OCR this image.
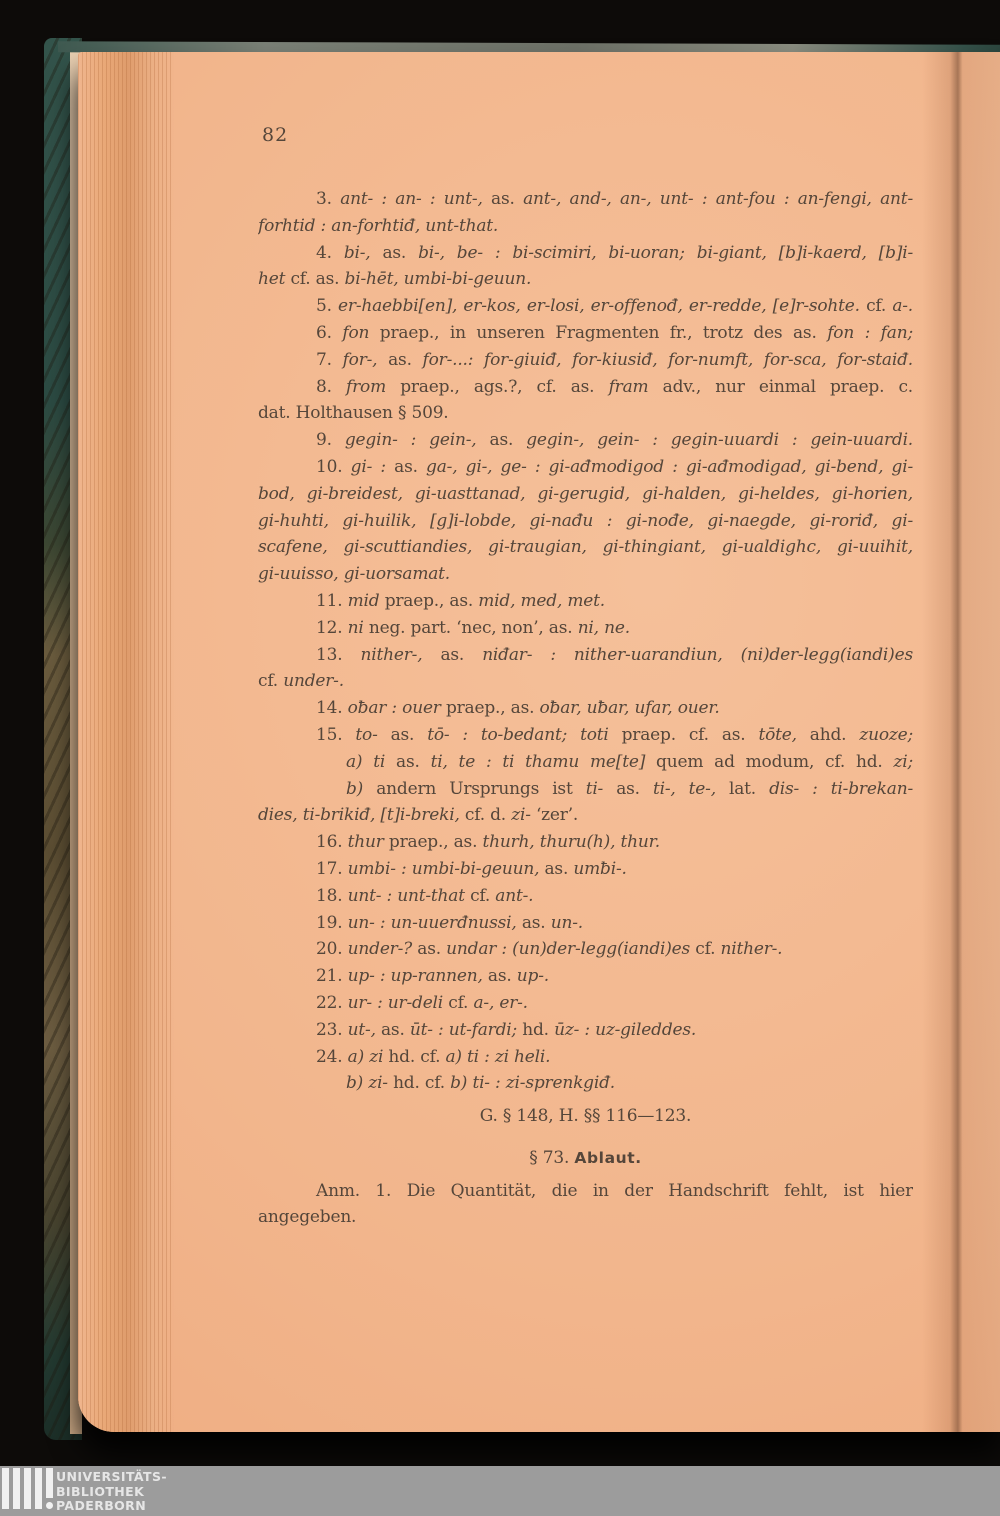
82
3. ant- : an- : unt-, as. ant-, and-, an-, unt- : ant-fou : an-fengi, ant-
forhtid : an-forhtiđ, unt-that.
4. bi-, as. bi-, be- : bi-scimiri, bi-uoran; bi-giant, [b]i-kaerd, [b]i-
het cf. as. bi-hēt, umbi-bi-geuun.
5. er-haebbi[en], er-kos, er-losi, er-offenođ, er-redde, [e]r-sohte. cf. a-.
6. fon praep., in unseren Fragmenten fr., trotz des as. fon : fan;
7. for-, as. for-...: for-giuiđ, for-kiusiđ, for-numft, for-sca, for-staiđ.
8. from praep., ags.?, cf. as. fram adv., nur einmal praep. c.
dat. Holthausen § 509.
9. gegin- : gein-, as. gegin-, gein- : gegin-uuardi : gein-uuardi.
10. gi- : as. ga-, gi-, ge- : gi-ađmodigod : gi-ađmodigad, gi-bend, gi-
bod, gi-breidest, gi-uasttanad, gi-gerugid, gi-halden, gi-heldes, gi-horien,
gi-huhti, gi-huilik, [g]i-lobde, gi-nađu : gi-nođe, gi-naegde, gi-roriđ, gi-
scafene, gi-scuttiandies, gi-traugian, gi-thingiant, gi-ualdighc, gi-uuihit,
gi-uuisso, gi-uorsamat.
11. mid praep., as. mid, med, met.
12. ni neg. part. ‘nec, non’, as. ni, ne.
13. nither-, as. niđar- : nither-uarandiun, (ni)der-legg(iandi)es
cf. under-.
14. oƀar : ouer praep., as. oƀar, uƀar, ufar, ouer.
15. to- as. tō- : to-bedant; toti praep. cf. as. tōte, ahd. zuoze;
a) ti as. ti, te : ti thamu me[te] quem ad modum, cf. hd. zi;
b) andern Ursprungs ist ti- as. ti-, te-, lat. dis- : ti-brekan-
dies, ti-brikiđ, [t]i-breki, cf. d. zi- ‘zer’.
16. thur praep., as. thurh, thuru(h), thur.
17. umbi- : umbi-bi-geuun, as. umƀi-.
18. unt- : unt-that cf. ant-.
19. un- : un-uuerđnussi, as. un-.
20. under-? as. undar : (un)der-legg(iandi)es cf. nither-.
21. up- : up-rannen, as. up-.
22. ur- : ur-deli cf. a-, er-.
23. ut-, as. ūt- : ut-fardi; hd. ūz- : uz-gileddes.
24. a) zi hd. cf. a) ti : zi heli.
b) zi- hd. cf. b) ti- : zi-sprenkgiđ.
G. § 148, H. §§ 116—123.
§ 73. Ablaut.
Anm. 1. Die Quantität, die in der Handschrift fehlt, ist hier
angegeben.
UNIVERSITÄTS-
BIBLIOTHEK
PADERBORN
